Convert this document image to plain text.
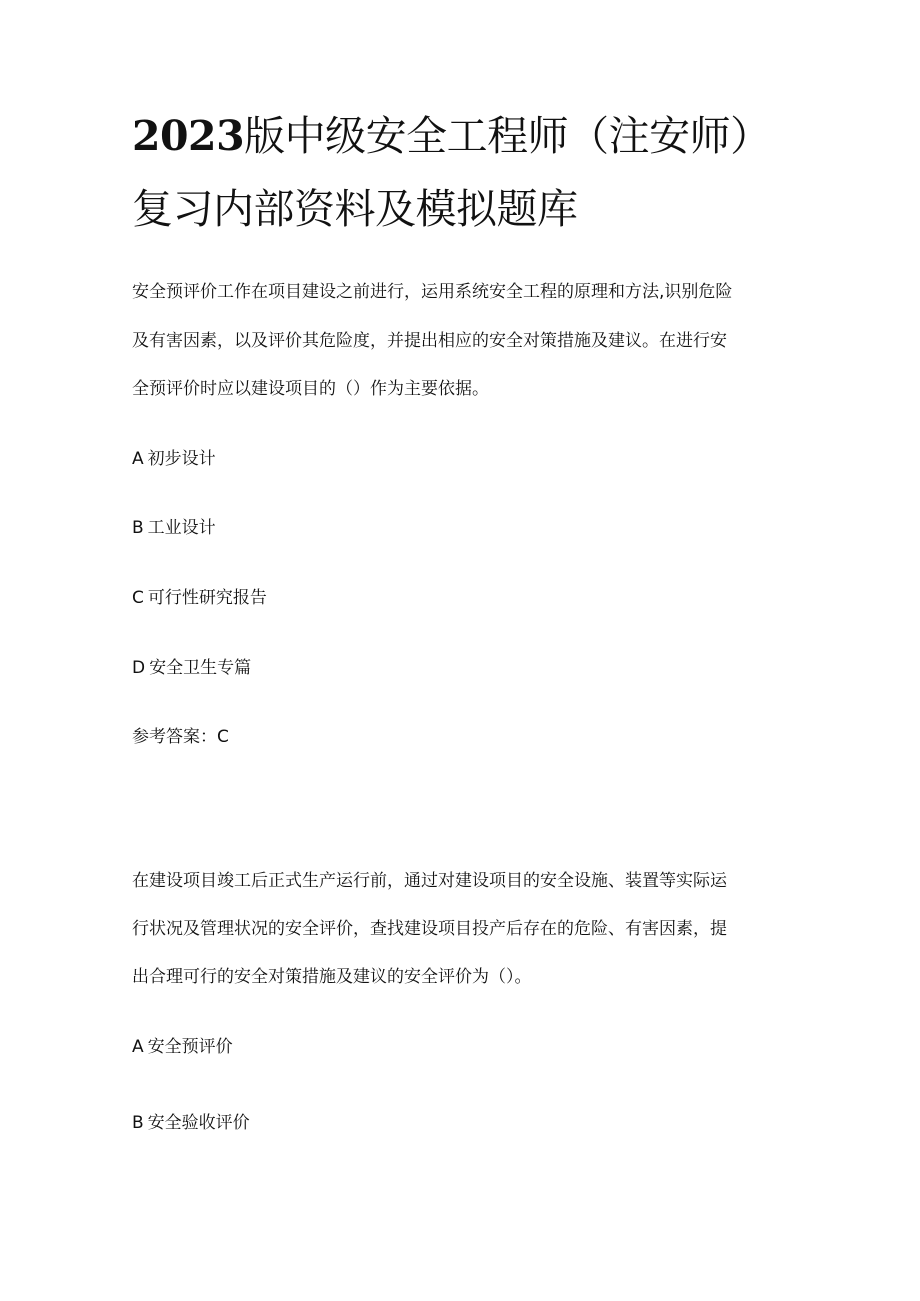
2023版中级安全工程师（注安师）
复习内部资料及模拟题库
安全预评价工作在项目建设之前进行，运用系统安全工程的原理和方法,识别危险
及有害因素，以及评价其危险度，并提出相应的安全对策措施及建议。在进行安
全预评价时应以建设项目的（）作为主要依据。
A 初步设计
B 工业设计
C 可行性研究报告
D 安全卫生专篇
参考答案：C
在建设项目竣工后正式生产运行前，通过对建设项目的安全设施、装置等实际运
行状况及管理状况的安全评价，查找建设项目投产后存在的危险、有害因素，提
出合理可行的安全对策措施及建议的安全评价为（）。
A 安全预评价
B 安全验收评价
